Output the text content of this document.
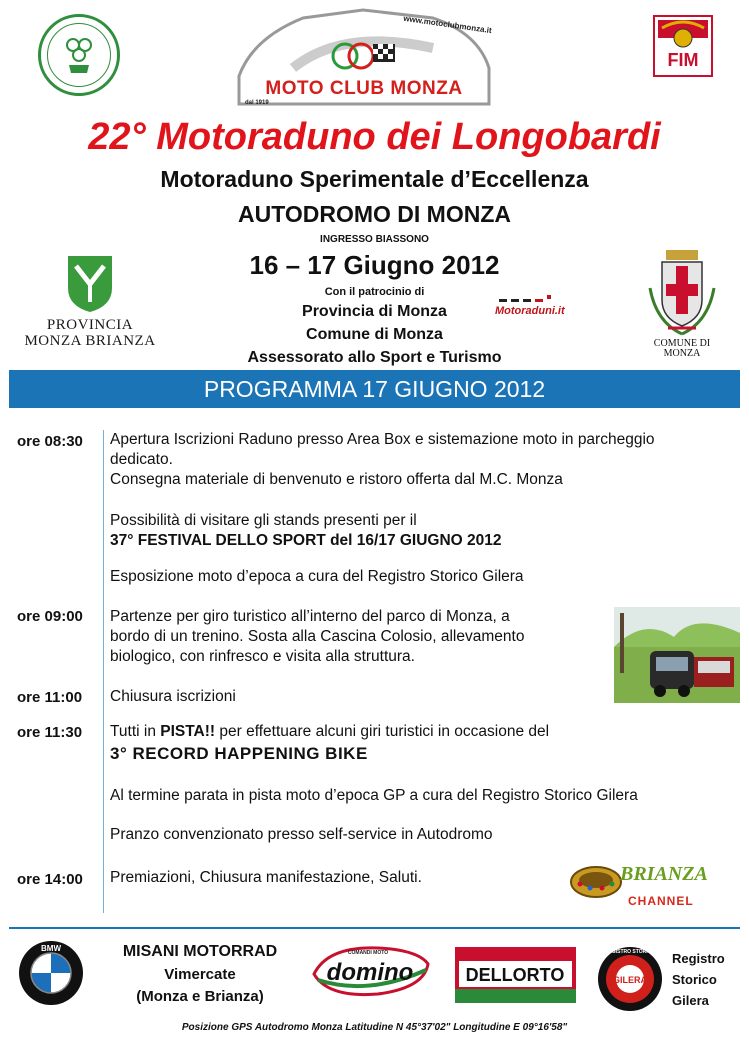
www.motoclubmonza.it
MOTO CLUB MONZA
dal 1919
FIM
22° Motoraduno dei Longobardi
Motoraduno Sperimentale d’Eccellenza
AUTODROMO DI MONZA
INGRESSO BIASSONO
16 – 17 Giugno 2012
Con il patrocinio di
Provincia di Monza
Comune di Monza
Assessorato allo Sport e Turismo
PROVINCIA
MONZA BRIANZA
Motoraduni.it
COMUNE DI
MONZA
PROGRAMMA 17 GIUGNO 2012
ore 08:30 Apertura Iscrizioni Raduno presso Area Box e sistemazione moto in parcheggio
dedicato.
Consegna materiale di benvenuto e ristoro offerta dal M.C. Monza
Possibilità di visitare gli stands presenti per il
37° FESTIVAL DELLO SPORT del 16/17 GIUGNO 2012
Esposizione moto d’epoca a cura del Registro Storico Gilera
ore 09:00 Partenze per giro turistico all’interno del parco di Monza, a
bordo di un trenino. Sosta alla Cascina Colosio, allevamento
biologico, con rinfresco e visita alla struttura.
ore 11:00 Chiusura iscrizioni
ore 11:30 Tutti in PISTA!! per effettuare alcuni giri turistici in occasione del
3° RECORD HAPPENING BIKE
Al termine parata in pista moto d’epoca GP a cura del Registro Storico Gilera
Pranzo convenzionato presso self-service in Autodromo
ore 14:00 Premiazioni, Chiusura manifestazione, Saluti.	BRIANZA
CHANNEL
BMW	MISANI MOTORRAD
Vimercate
(Monza e Brianza)
COMANDI MOTO
domino	DELLORTO	GILERA
REGISTRO STORICO Registro
Storico
Gilera
Posizione GPS Autodromo Monza Latitudine N 45°37'02" Longitudine E 09°16'58"
